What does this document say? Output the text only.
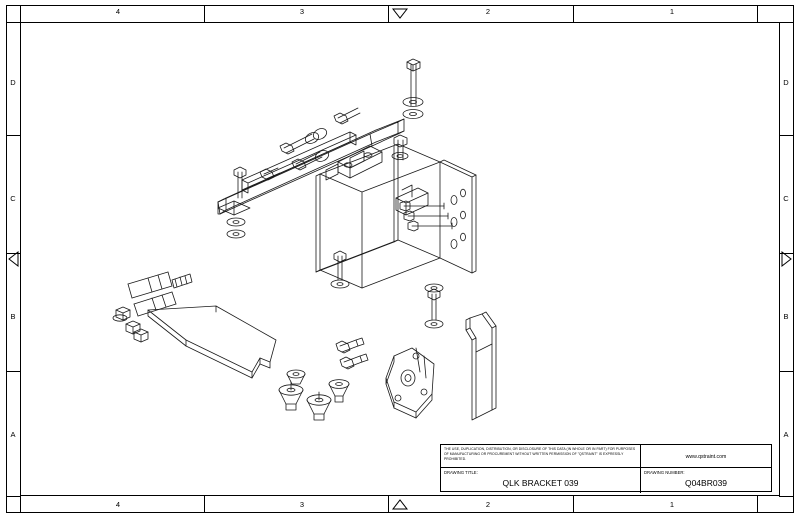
4	3	2	1
4	3	2	1
D
C
B
A
D
C
B
A
THE USE, DUPLICATION, DISTRIBUTION, OR DISCLOSURE OF THIS DATA (IN WHOLE OR IN PART) FOR PURPOSES OF MANUFACTURING OR PROCUREMENT WITHOUT WRITTEN PERMISSION OF "QSTRAINT" IS EXPRESSLY PROHIBITED.	www.qstraint.com
DRAWING TITLE:
QLK BRACKET 039
DRAWING NUMBER:
Q04BR039
